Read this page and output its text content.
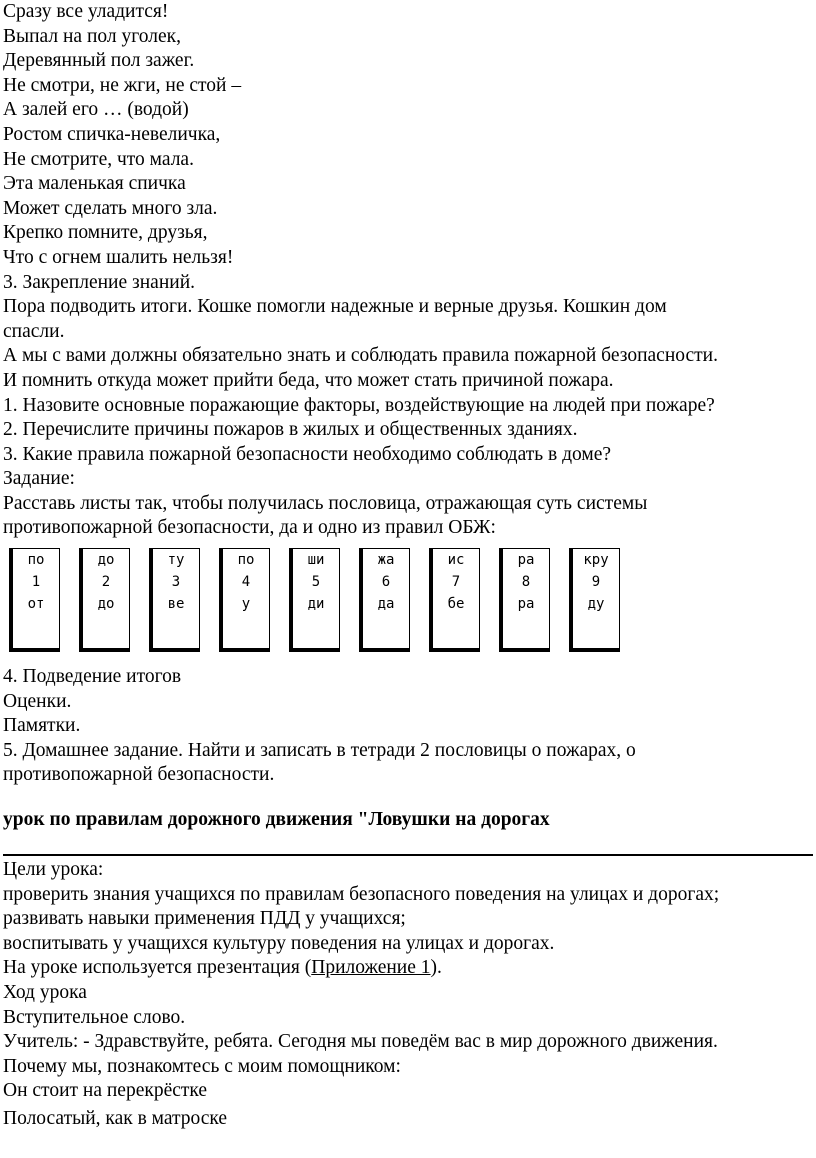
Сразу все уладится!
Выпал на пол уголек,
Деревянный пол зажег.
Не смотри, не жги, не стой –
А залей его … (водой)
Ростом спичка-невеличка,
Не смотрите, что мала.
Эта маленькая спичка
Может сделать много зла.
Крепко помните, друзья,
Что с огнем шалить нельзя!
3. Закрепление знаний.
Пора подводить итоги. Кошке помогли надежные и верные друзья. Кошкин дом
спасли.
А мы с вами должны обязательно знать и соблюдать правила пожарной безопасности.
И помнить откуда может прийти беда, что может стать причиной пожара.
1. Назовите основные поражающие факторы, воздействующие на людей при пожаре?
2. Перечислите причины пожаров в жилых и общественных зданиях.
3. Какие правила пожарной безопасности необходимо соблюдать в доме?
Задание:
Расставь листы так, чтобы получилась пословица, отражающая суть системы
противопожарной безопасности, да и одно из правил ОБЖ:
по
1
от
до
2
до
ту
3
ве
по
4
у
ши
5
ди
жа
6
да
ис
7
бе
ра
8
ра
кру
9
ду
4. Подведение итогов
Оценки.
Памятки.
5. Домашнее задание. Найти и записать в тетради 2 пословицы о пожарах, о
противопожарной безопасности.
урок по правилам дорожного движения "Ловушки на дорогах
Цели урока:
проверить знания учащихся по правилам безопасного поведения на улицах и дорогах;
развивать навыки применения ПДД у учащихся;
воспитывать у учащихся культуру поведения на улицах и дорогах.
На уроке используется презентация (Приложение 1).
Ход урока
Вступительное слово.
Учитель: - Здравствуйте, ребята. Сегодня мы поведём вас в мир дорожного движения.
Почему мы, познакомтесь с моим помощником:
Он стоит на перекрёстке
Полосатый, как в матроске
